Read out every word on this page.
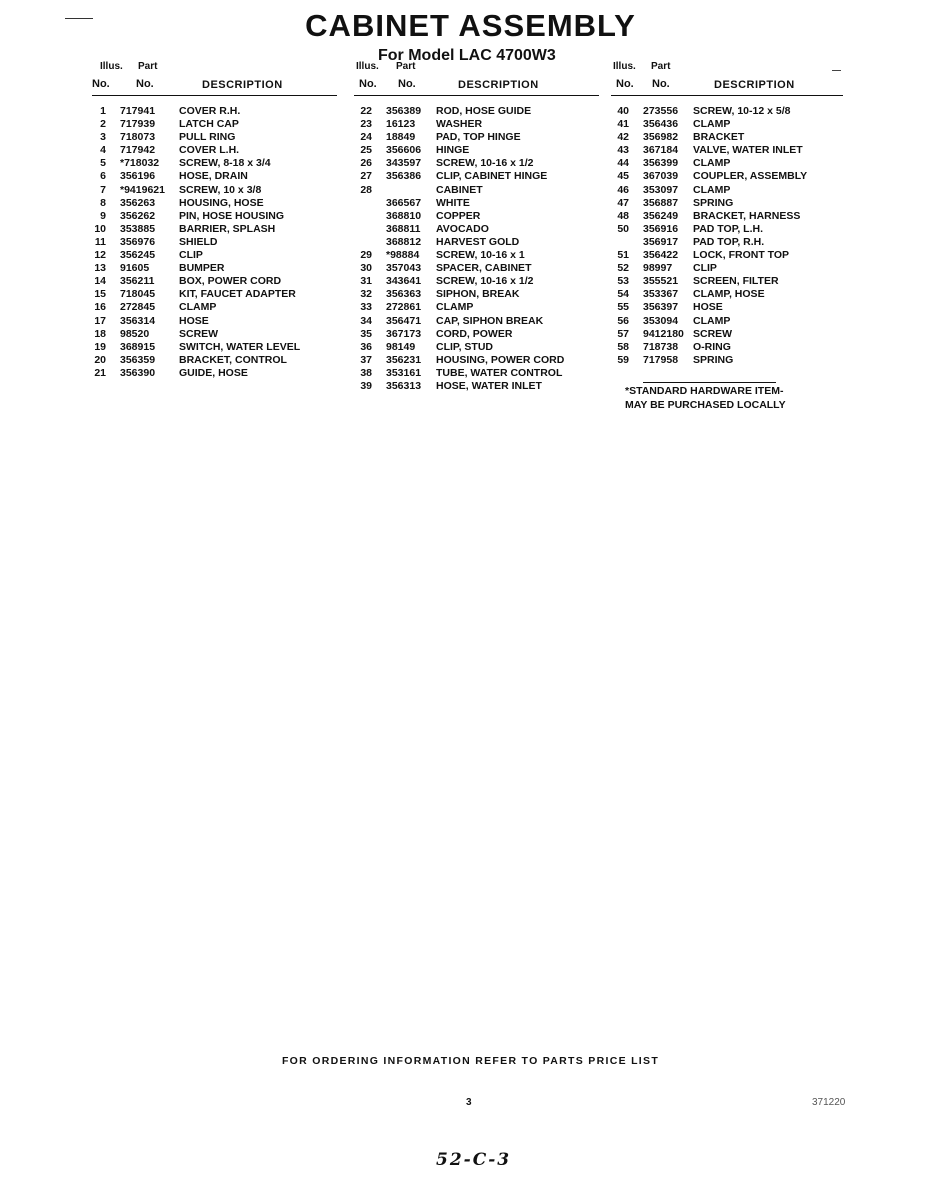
CABINET ASSEMBLY
For Model LAC 4700W3
Illus. Part
No. No.	DESCRIPTION
1 717941 COVER R.H.
2 717939 LATCH CAP
3 718073 PULL RING
4 717942 COVER L.H.
5 *718032 SCREW, 8-18 x 3/4
6 356196 HOSE, DRAIN
7 *9419621 SCREW, 10 x 3/8
8 356263 HOUSING, HOSE
9 356262 PIN, HOSE HOUSING
10 353885 BARRIER, SPLASH
11 356976 SHIELD
12 356245 CLIP
13 91605	BUMPER
14 356211 BOX, POWER CORD
15 718045 KIT, FAUCET ADAPTER
16 272845 CLAMP
17 356314 HOSE
18 98520	SCREW
19 368915 SWITCH, WATER LEVEL
20 356359 BRACKET, CONTROL
21 356390 GUIDE, HOSE
Illus. Part
No. No.	DESCRIPTION
22 356389 ROD, HOSE GUIDE
23 16123 WASHER
24 18849 PAD, TOP HINGE
25 356606 HINGE
26 343597 SCREW, 10-16 x 1/2
27 356386 CLIP, CABINET HINGE
28	CABINET
366567 WHITE
368810 COPPER
368811 AVOCADO
368812 HARVEST GOLD
29 *98884 SCREW, 10-16 x 1
30 357043 SPACER, CABINET
31 343641 SCREW, 10-16 x 1/2
32 356363 SIPHON, BREAK
33 272861 CLAMP
34 356471 CAP, SIPHON BREAK
35 367173 CORD, POWER
36 98149 CLIP, STUD
37 356231 HOUSING, POWER CORD
38 353161 TUBE, WATER CONTROL
39 356313 HOSE, WATER INLET
Illus. Part
No. No.	DESCRIPTION
40 273556 SCREW, 10-12 x 5/8
41 356436 CLAMP
42 356982 BRACKET
43 367184 VALVE, WATER INLET
44 356399 CLAMP
45 367039 COUPLER, ASSEMBLY
46 353097 CLAMP
47 356887 SPRING
48 356249 BRACKET, HARNESS
50 356916 PAD TOP, L.H.
356917 PAD TOP, R.H.
51 356422 LOCK, FRONT TOP
52 98997 CLIP
53 355521 SCREEN, FILTER
54 353367 CLAMP, HOSE
55 356397 HOSE
56 353094 CLAMP
57 9412180 SCREW
58 718738 O-RING
59 717958 SPRING
*STANDARD HARDWARE ITEM-
MAY BE PURCHASED LOCALLY
FOR ORDERING INFORMATION REFER TO PARTS PRICE LIST
3	371220
52-C-3
